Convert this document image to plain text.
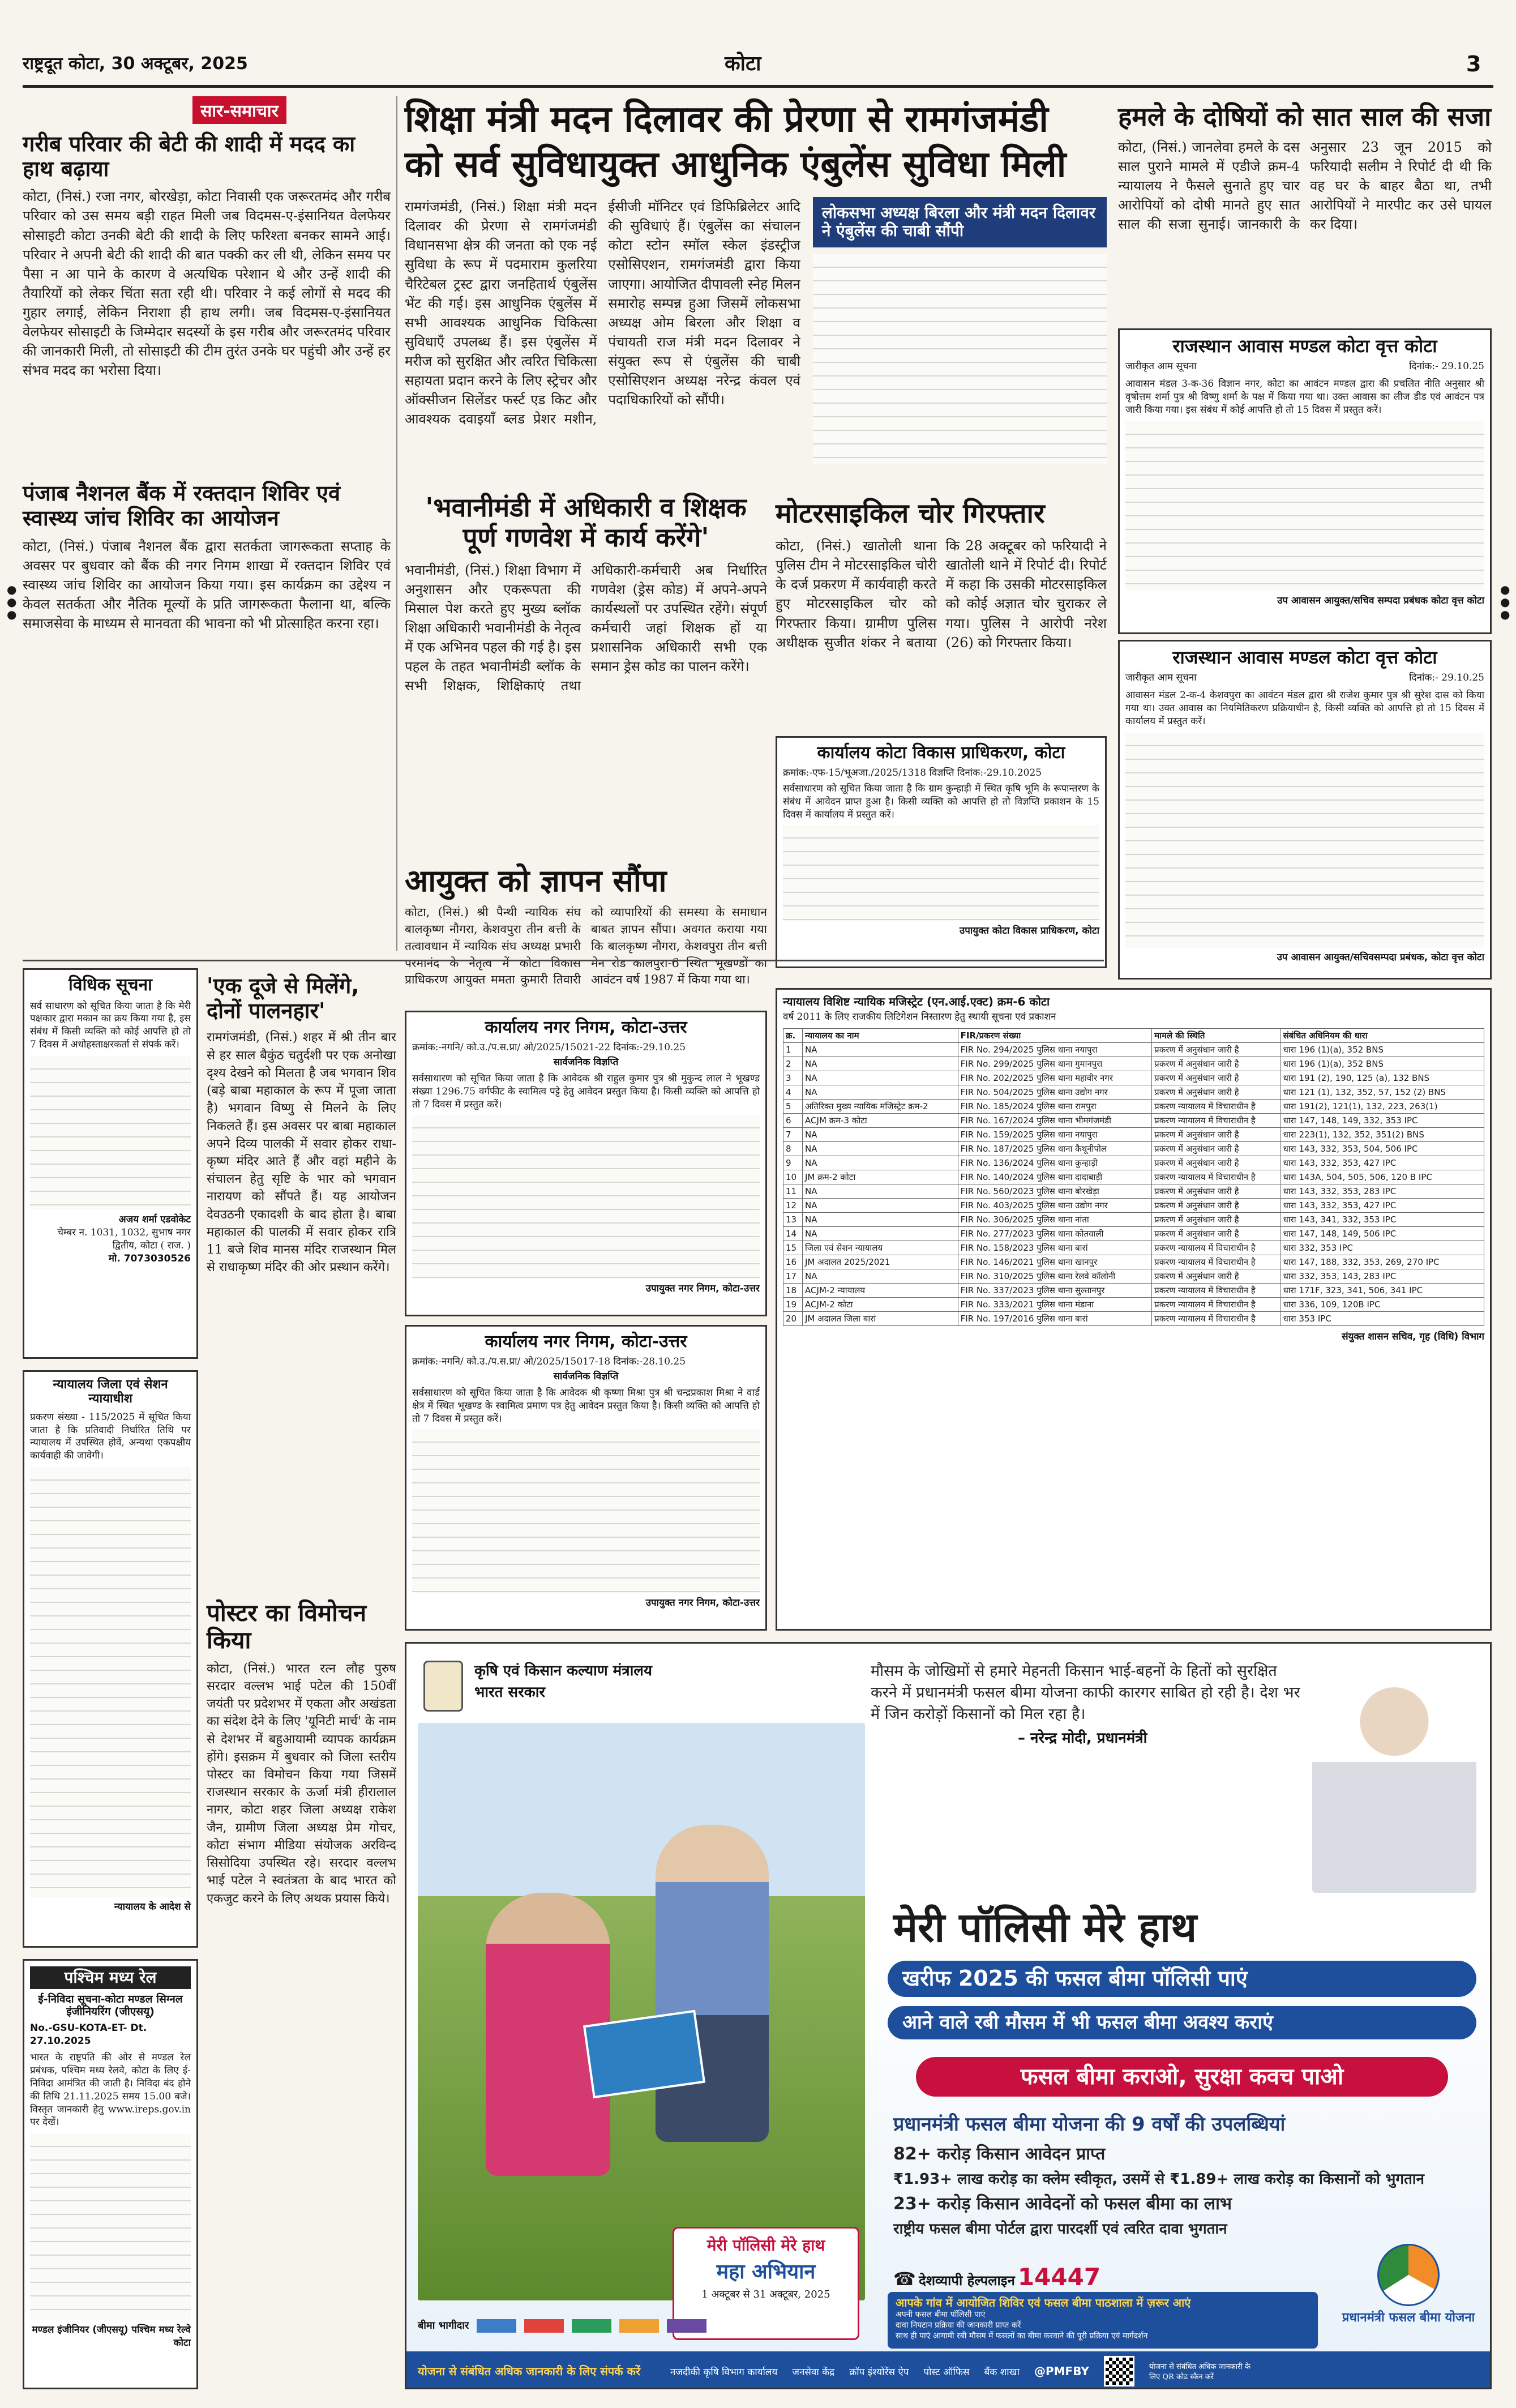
राष्ट्रदूत कोटा, 30 अक्टूबर, 2025	कोटा	3
सार-समाचार
गरीब परिवार की बेटी की शादी में मदद का हाथ बढ़ाया
कोटा, (निसं.) रजा नगर, बोरखेड़ा, कोटा निवासी एक जरूरतमंद और गरीब परिवार को उस समय बड़ी राहत मिली जब विदमस-ए-इंसानियत वेलफेयर सोसाइटी कोटा उनकी बेटी की शादी के लिए फरिश्ता बनकर सामने आई। परिवार ने अपनी बेटी की शादी की बात पक्की कर ली थी, लेकिन समय पर पैसा न आ पाने के कारण वे अत्यधिक परेशान थे और उन्हें शादी की तैयारियों को लेकर चिंता सता रही थी। परिवार ने कई लोगों से मदद की गुहार लगाई, लेकिन निराशा ही हाथ लगी। जब विदमस-ए-इंसानियत वेलफेयर सोसाइटी के जिम्मेदार सदस्यों के इस गरीब और जरूरतमंद परिवार की जानकारी मिली, तो सोसाइटी की टीम तुरंत उनके घर पहुंची और उन्हें हर संभव मदद का भरोसा दिया।
पंजाब नैशनल बैंक में रक्तदान शिविर एवं स्वास्थ्य जांच शिविर का आयोजन
कोटा, (निसं.) पंजाब नैशनल बैंक द्वारा सतर्कता जागरूकता सप्ताह के अवसर पर बुधवार को बैंक की नगर निगम शाखा में रक्तदान शिविर एवं स्वास्थ्य जांच शिविर का आयोजन किया गया। इस कार्यक्रम का उद्देश्य न केवल सतर्कता और नैतिक मूल्यों के प्रति जागरूकता फैलाना था, बल्कि समाजसेवा के माध्यम से मानवता की भावना को भी प्रोत्साहित करना रहा।
शिक्षा मंत्री मदन दिलावर की प्रेरणा से रामगंजमंडी
को सर्व सुविधायुक्त आधुनिक एंबुलेंस सुविधा मिली
रामगंजमंडी, (निसं.) शिक्षा मंत्री मदन दिलावर की प्रेरणा से रामगंजमंडी विधानसभा क्षेत्र की जनता को एक नई सुविधा के रूप में पदमाराम कुलरिया चैरिटेबल ट्रस्ट द्वारा जनहितार्थ एंबुलेंस भेंट की गई। इस आधुनिक एंबुलेंस में सभी आवश्यक आधुनिक चिकित्सा सुविधाएँ उपलब्ध हैं। इस एंबुलेंस में मरीज को सुरक्षित और त्वरित चिकित्सा सहायता प्रदान करने के लिए स्ट्रेचर और ऑक्सीजन सिलेंडर फर्स्ट एड किट और आवश्यक दवाइयाँ ब्लड प्रेशर मशीन, ईसीजी मॉनिटर एवं डिफिब्रिलेटर आदि की सुविधाएं हैं। एंबुलेंस का संचालन कोटा स्टोन स्मॉल स्केल इंडस्ट्रीज एसोसिएशन, रामगंजमंडी द्वारा किया जाएगा। आयोजित दीपावली स्नेह मिलन समारोह सम्पन्न हुआ जिसमें लोकसभा अध्यक्ष ओम बिरला और शिक्षा व पंचायती राज मंत्री मदन दिलावर ने संयुक्त रूप से एंबुलेंस की चाबी एसोसिएशन अध्यक्ष नरेन्द्र कंवल एवं पदाधिकारियों को सौंपी।
लोकसभा अध्यक्ष बिरला और मंत्री मदन दिलावर ने एंबुलेंस की चाबी सौंपी
हमले के दोषियों को सात साल की सजा
कोटा, (निसं.) जानलेवा हमले के दस साल पुराने मामले में एडीजे क्रम-4 न्यायालय ने फैसले सुनाते हुए चार आरोपियों को दोषी मानते हुए सात साल की सजा सुनाई। जानकारी के अनुसार 23 जून 2015 को फरियादी सलीम ने रिपोर्ट दी थी कि वह घर के बाहर बैठा था, तभी आरोपियों ने मारपीट कर उसे घायल कर दिया।
राजस्थान आवास मण्डल कोटा वृत्त कोटा
जारीकृत आम सूचना	दिनांक:- 29.10.25
आवासन मंडल 3-क-36 विज्ञान नगर, कोटा का आवंटन मण्डल द्वारा की प्रचलित नीति अनुसार श्री वृषोत्तम शर्मा पुत्र श्री विष्णु शर्मा के पक्ष में किया गया था। उक्त आवास का लीज डीड एवं आवंटन पत्र जारी किया गया। इस संबंध में कोई आपत्ति हो तो 15 दिवस में प्रस्तुत करें।
उप आवासन आयुक्त/सचिव सम्पदा प्रबंधक कोटा वृत्त कोटा
राजस्थान आवास मण्डल कोटा वृत्त कोटा
जारीकृत आम सूचना	दिनांक:- 29.10.25
आवासन मंडल 2-क-4 केशवपुरा का आवंटन मंडल द्वारा श्री राजेश कुमार पुत्र श्री सुरेश दास को किया गया था। उक्त आवास का नियमितिकरण प्रक्रियाधीन है, किसी व्यक्ति को आपत्ति हो तो 15 दिवस में कार्यालय में प्रस्तुत करें।
उप आवासन आयुक्त/सचिवसम्पदा प्रबंधक, कोटा वृत्त कोटा
'भवानीमंडी में अधिकारी व शिक्षक पूर्ण गणवेश में कार्य करेंगे'
भवानीमंडी, (निसं.) शिक्षा विभाग में अनुशासन और एकरूपता की मिसाल पेश करते हुए मुख्य ब्लॉक शिक्षा अधिकारी भवानीमंडी के नेतृत्व में एक अभिनव पहल की गई है। इस पहल के तहत भवानीमंडी ब्लॉक के सभी शिक्षक, शिक्षिकाएं तथा अधिकारी-कर्मचारी अब निर्धारित गणवेश (ड्रेस कोड) में अपने-अपने कार्यस्थलों पर उपस्थित रहेंगे। संपूर्ण कर्मचारी जहां शिक्षक हों या प्रशासनिक अधिकारी सभी एक समान ड्रेस कोड का पालन करेंगे।
मोटरसाइकिल चोर गिरफ्तार
कोटा, (निसं.) खातोली थाना पुलिस टीम ने मोटरसाइकिल चोरी के दर्ज प्रकरण में कार्यवाही करते हुए मोटरसाइकिल चोर को गिरफ्तार किया। ग्रामीण पुलिस अधीक्षक सुजीत शंकर ने बताया कि 28 अक्टूबर को फरियादी ने खातोली थाने में रिपोर्ट दी। रिपोर्ट में कहा कि उसकी मोटरसाइकिल को कोई अज्ञात चोर चुराकर ले गया। पुलिस ने आरोपी नरेश (26) को गिरफ्तार किया।
कार्यालय कोटा विकास प्राधिकरण, कोटा
क्रमांक:-एफ-15/भूअजा./2025/1318 विज्ञप्ति दिनांक:-29.10.2025
सर्वसाधारण को सूचित किया जाता है कि ग्राम कुन्हाड़ी में स्थित कृषि भूमि के रूपान्तरण के संबंध में आवेदन प्राप्त हुआ है। किसी व्यक्ति को आपत्ति हो तो विज्ञप्ति प्रकाशन के 15 दिवस में कार्यालय में प्रस्तुत करें।
उपायुक्त कोटा विकास प्राधिकरण, कोटा
आयुक्त को ज्ञापन सौंपा
कोटा, (निसं.) श्री पैन्थी न्यायिक संघ बालकृष्ण नौगरा, केशवपुरा तीन बत्ती के तत्वावधान में न्यायिक संघ अध्यक्ष प्रभारी परमानंद के नेतृत्व में कोटा विकास प्राधिकरण आयुक्त ममता कुमारी तिवारी को व्यापारियों की समस्या के समाधान बाबत ज्ञापन सौंपा। अवगत कराया गया कि बालकृष्ण नौगरा, केशवपुरा तीन बत्ती मेन रोड कालपुरा-6 स्थित भूखण्डों का आवंटन वर्ष 1987 में किया गया था।
विधिक सूचना
सर्व साधारण को सूचित किया जाता है कि मेरी पक्षकार द्वारा मकान का क्रय किया गया है, इस संबंध में किसी व्यक्ति को कोई आपत्ति हो तो 7 दिवस में अधोहस्ताक्षरकर्ता से संपर्क करें।
अजय शर्मा एडवोकेट
चेम्बर न. 1031, 1032, सुभाष नगर द्वितीय, कोटा ( राज. )
मो. 7073030526
न्यायालय जिला एवं सेशन न्यायाधीश
प्रकरण संख्या - 115/2025 में सूचित किया जाता है कि प्रतिवादी निर्धारित तिथि पर न्यायालय में उपस्थित होवें, अन्यथा एकपक्षीय कार्यवाही की जावेगी।
न्यायालय के आदेश से
पश्चिम मध्य रेल
ई-निविदा सूचना-कोटा मण्डल सिग्नल इंजीनियरिंग (जीएसयू)
No.-GSU-KOTA-ET- Dt. 27.10.2025
भारत के राष्ट्रपति की ओर से मण्डल रेल प्रबंधक, पश्चिम मध्य रेलवे, कोटा के लिए ई-निविदा आमंत्रित की जाती है। निविदा बंद होने की तिथि 21.11.2025 समय 15.00 बजे। विस्तृत जानकारी हेतु www.ireps.gov.in पर देखें।
मण्डल इंजीनियर (जीएसयू) पश्चिम मध्य रेल्वे कोटा
'एक दूजे से मिलेंगे, दोनों पालनहार'
रामगंजमंडी, (निसं.) शहर में श्री तीन बार से हर साल बैकुंठ चतुर्दशी पर एक अनोखा दृश्य देखने को मिलता है जब भगवान शिव (बड़े बाबा महाकाल के रूप में पूजा जाता है) भगवान विष्णु से मिलने के लिए निकलते हैं। इस अवसर पर बाबा महाकाल अपने दिव्य पालकी में सवार होकर राधा-कृष्ण मंदिर आते हैं और वहां महीने के संचालन हेतु सृष्टि के भार को भगवान नारायण को सौंपते हैं। यह आयोजन देवउठनी एकादशी के बाद होता है। बाबा महाकाल की पालकी में सवार होकर रात्रि 11 बजे शिव मानस मंदिर राजस्थान मिल से राधाकृष्ण मंदिर की ओर प्रस्थान करेंगे।
पोस्टर का विमोचन किया
कोटा, (निसं.) भारत रत्न लौह पुरुष सरदार वल्लभ भाई पटेल की 150वीं जयंती पर प्रदेशभर में एकता और अखंडता का संदेश देने के लिए 'यूनिटी मार्च' के नाम से देशभर में बहुआयामी व्यापक कार्यक्रम होंगे। इसक्रम में बुधवार को जिला स्तरीय पोस्टर का विमोचन किया गया जिसमें राजस्थान सरकार के ऊर्जा मंत्री हीरालाल नागर, कोटा शहर जिला अध्यक्ष राकेश जैन, ग्रामीण जिला अध्यक्ष प्रेम गोचर, कोटा संभाग मीडिया संयोजक अरविन्द सिसोदिया उपस्थित रहे। सरदार वल्लभ भाई पटेल ने स्वतंत्रता के बाद भारत को एकजुट करने के लिए अथक प्रयास किये।
कार्यालय नगर निगम, कोटा-उत्तर
क्रमांक:-नगनि/ को.उ./प.स.प्रा/ ओ/2025/15021-22 दिनांक:-29.10.25
सार्वजनिक विज्ञप्ति
सर्वसाधारण को सूचित किया जाता है कि आवेदक श्री राहुल कुमार पुत्र श्री मुकुन्द लाल ने भूखण्ड संख्या 1296.75 वर्गफीट के स्वामित्व पट्टे हेतु आवेदन प्रस्तुत किया है। किसी व्यक्ति को आपत्ति हो तो 7 दिवस में प्रस्तुत करें।
उपायुक्त नगर निगम, कोटा-उत्तर
कार्यालय नगर निगम, कोटा-उत्तर
क्रमांक:-नगनि/ को.उ./प.स.प्रा/ ओ/2025/15017-18 दिनांक:-28.10.25
सार्वजनिक विज्ञप्ति
सर्वसाधारण को सूचित किया जाता है कि आवेदक श्री कृष्णा मिश्रा पुत्र श्री चन्द्रप्रकाश मिश्रा ने वार्ड क्षेत्र में स्थित भूखण्ड के स्वामित्व प्रमाण पत्र हेतु आवेदन प्रस्तुत किया है। किसी व्यक्ति को आपत्ति हो तो 7 दिवस में प्रस्तुत करें।
उपायुक्त नगर निगम, कोटा-उत्तर
न्यायालय विशिष्ट न्यायिक मजिस्ट्रेट (एन.आई.एक्ट) क्रम-6 कोटा
वर्ष 2011 के लिए राजकीय लिटिगेशन निस्तारण हेतु स्थायी सूचना एवं प्रकाशन
क्र.	न्यायालय का नाम	FIR/प्रकरण संख्या	मामले की स्थिति	संबंधित अधिनियम की धारा
1	NA	FIR No. 294/2025 पुलिस थाना नयापुरा	प्रकरण में अनुसंधान जारी है	धारा 196 (1)(a), 352 BNS
2	NA	FIR No. 299/2025 पुलिस थाना गुमानपुरा	प्रकरण में अनुसंधान जारी है	धारा 196 (1)(a), 352 BNS
3	NA	FIR No. 202/2025 पुलिस थाना महावीर नगर	प्रकरण में अनुसंधान जारी है	धारा 191 (2), 190, 125 (a), 132 BNS
4	NA	FIR No. 504/2025 पुलिस थाना उद्योग नगर	प्रकरण में अनुसंधान जारी है	धारा 121 (1), 132, 352, 57, 152 (2) BNS
5	अतिरिक्त मुख्य न्यायिक मजिस्ट्रेट क्रम-2	FIR No. 185/2024 पुलिस थाना रामपुरा	प्रकरण न्यायालय में विचाराधीन है	धारा 191(2), 121(1), 132, 223, 263(1)
6	ACJM क्रम-3 कोटा	FIR No. 167/2024 पुलिस थाना भीमगंजमंडी	प्रकरण न्यायालय में विचाराधीन है	धारा 147, 148, 149, 332, 353 IPC
7	NA	FIR No. 159/2025 पुलिस थाना नयापुरा	प्रकरण में अनुसंधान जारी है	धारा 223(1), 132, 352, 351(2) BNS
8	NA	FIR No. 187/2025 पुलिस थाना कैथूनीपोल	प्रकरण में अनुसंधान जारी है	धारा 143, 332, 353, 504, 506 IPC
9	NA	FIR No. 136/2024 पुलिस थाना कुन्हाड़ी	प्रकरण में अनुसंधान जारी है	धारा 143, 332, 353, 427 IPC
10	JM क्रम-2 कोटा	FIR No. 140/2024 पुलिस थाना दादाबाड़ी	प्रकरण न्यायालय में विचाराधीन है	धारा 143A, 504, 505, 506, 120 B IPC
11	NA	FIR No. 560/2023 पुलिस थाना बोरखेड़ा	प्रकरण में अनुसंधान जारी है	धारा 143, 332, 353, 283 IPC
12	NA	FIR No. 403/2025 पुलिस थाना उद्योग नगर	प्रकरण में अनुसंधान जारी है	धारा 143, 332, 353, 427 IPC
13	NA	FIR No. 306/2025 पुलिस थाना नांता	प्रकरण में अनुसंधान जारी है	धारा 143, 341, 332, 353 IPC
14	NA	FIR No. 277/2023 पुलिस थाना कोतवाली	प्रकरण में अनुसंधान जारी है	धारा 147, 148, 149, 506 IPC
15	जिला एवं सेशन न्यायालय	FIR No. 158/2023 पुलिस थाना बारां	प्रकरण न्यायालय में विचाराधीन है	धारा 332, 353 IPC
16	JM अदालत 2025/2021	FIR No. 146/2021 पुलिस थाना खानपुर	प्रकरण न्यायालय में विचाराधीन है	धारा 147, 188, 332, 353, 269, 270 IPC
17	NA	FIR No. 310/2025 पुलिस थाना रेलवे कॉलोनी	प्रकरण में अनुसंधान जारी है	धारा 332, 353, 143, 283 IPC
18	ACJM-2 न्यायालय	FIR No. 337/2023 पुलिस थाना सुल्तानपुर	प्रकरण न्यायालय में विचाराधीन है	धारा 171F, 323, 341, 506, 341 IPC
19	ACJM-2 कोटा	FIR No. 333/2021 पुलिस थाना मंडाना	प्रकरण न्यायालय में विचाराधीन है	धारा 336, 109, 120B IPC
20	JM अदालत जिला बारां	FIR No. 197/2016 पुलिस थाना बारां	प्रकरण न्यायालय में विचाराधीन है	धारा 353 IPC
संयुक्त शासन सचिव, गृह (विधि) विभाग
कृषि एवं किसान कल्याण मंत्रालय
भारत सरकार
मौसम के जोखिमों से हमारे मेहनती किसान भाई-बहनों के हितों को सुरक्षित करने में प्रधानमंत्री फसल बीमा योजना काफी कारगर साबित हो रही है। देश भर में जिन करोड़ों किसानों को मिल रहा है।
– नरेन्द्र मोदी, प्रधानमंत्री
मेरी पॉलिसी मेरे हाथ
खरीफ 2025 की फसल बीमा पॉलिसी पाएं
आने वाले रबी मौसम में भी फसल बीमा अवश्य कराएं
फसल बीमा कराओ, सुरक्षा कवच पाओ
प्रधानमंत्री फसल बीमा योजना की 9 वर्षों की उपलब्धियां
82+ करोड़ किसान आवेदन प्राप्त
₹1.93+ लाख करोड़ का क्लेम स्वीकृत, उसमें से ₹1.89+ लाख करोड़ का किसानों को भुगतान
23+ करोड़ किसान आवेदनों को फसल बीमा का लाभ
राष्ट्रीय फसल बीमा पोर्टल द्वारा पारदर्शी एवं त्वरित दावा भुगतान
मेरी पॉलिसी मेरे हाथ
महा अभियान
1 अक्टूबर से 31 अक्टूबर, 2025
☎ देशव्यापी हेल्पलाइन 14447
आपके गांव में आयोजित शिविर एवं फसल बीमा पाठशाला में ज़रूर आएं
अपनी फसल बीमा पॉलिसी पाएं
दावा निपटान प्रक्रिया की जानकारी प्राप्त करें
साथ ही पाएं आगामी रबी मौसम में फसलों का बीमा करवाने की पूरी प्रक्रिया एवं मार्गदर्शन
प्रधानमंत्री फसल बीमा योजना
बीमा भागीदार
योजना से संबंधित अधिक जानकारी के लिए संपर्क करें	नजदीकी कृषि विभाग कार्यालय जनसेवा केंद्र क्रॉप इंश्योरेंस ऐप पोस्ट ऑफिस बैंक शाखा @PMFBY	योजना से संबंधित अधिक जानकारी के लिए QR कोड स्कैन करें
●
●
●
●
●
●
